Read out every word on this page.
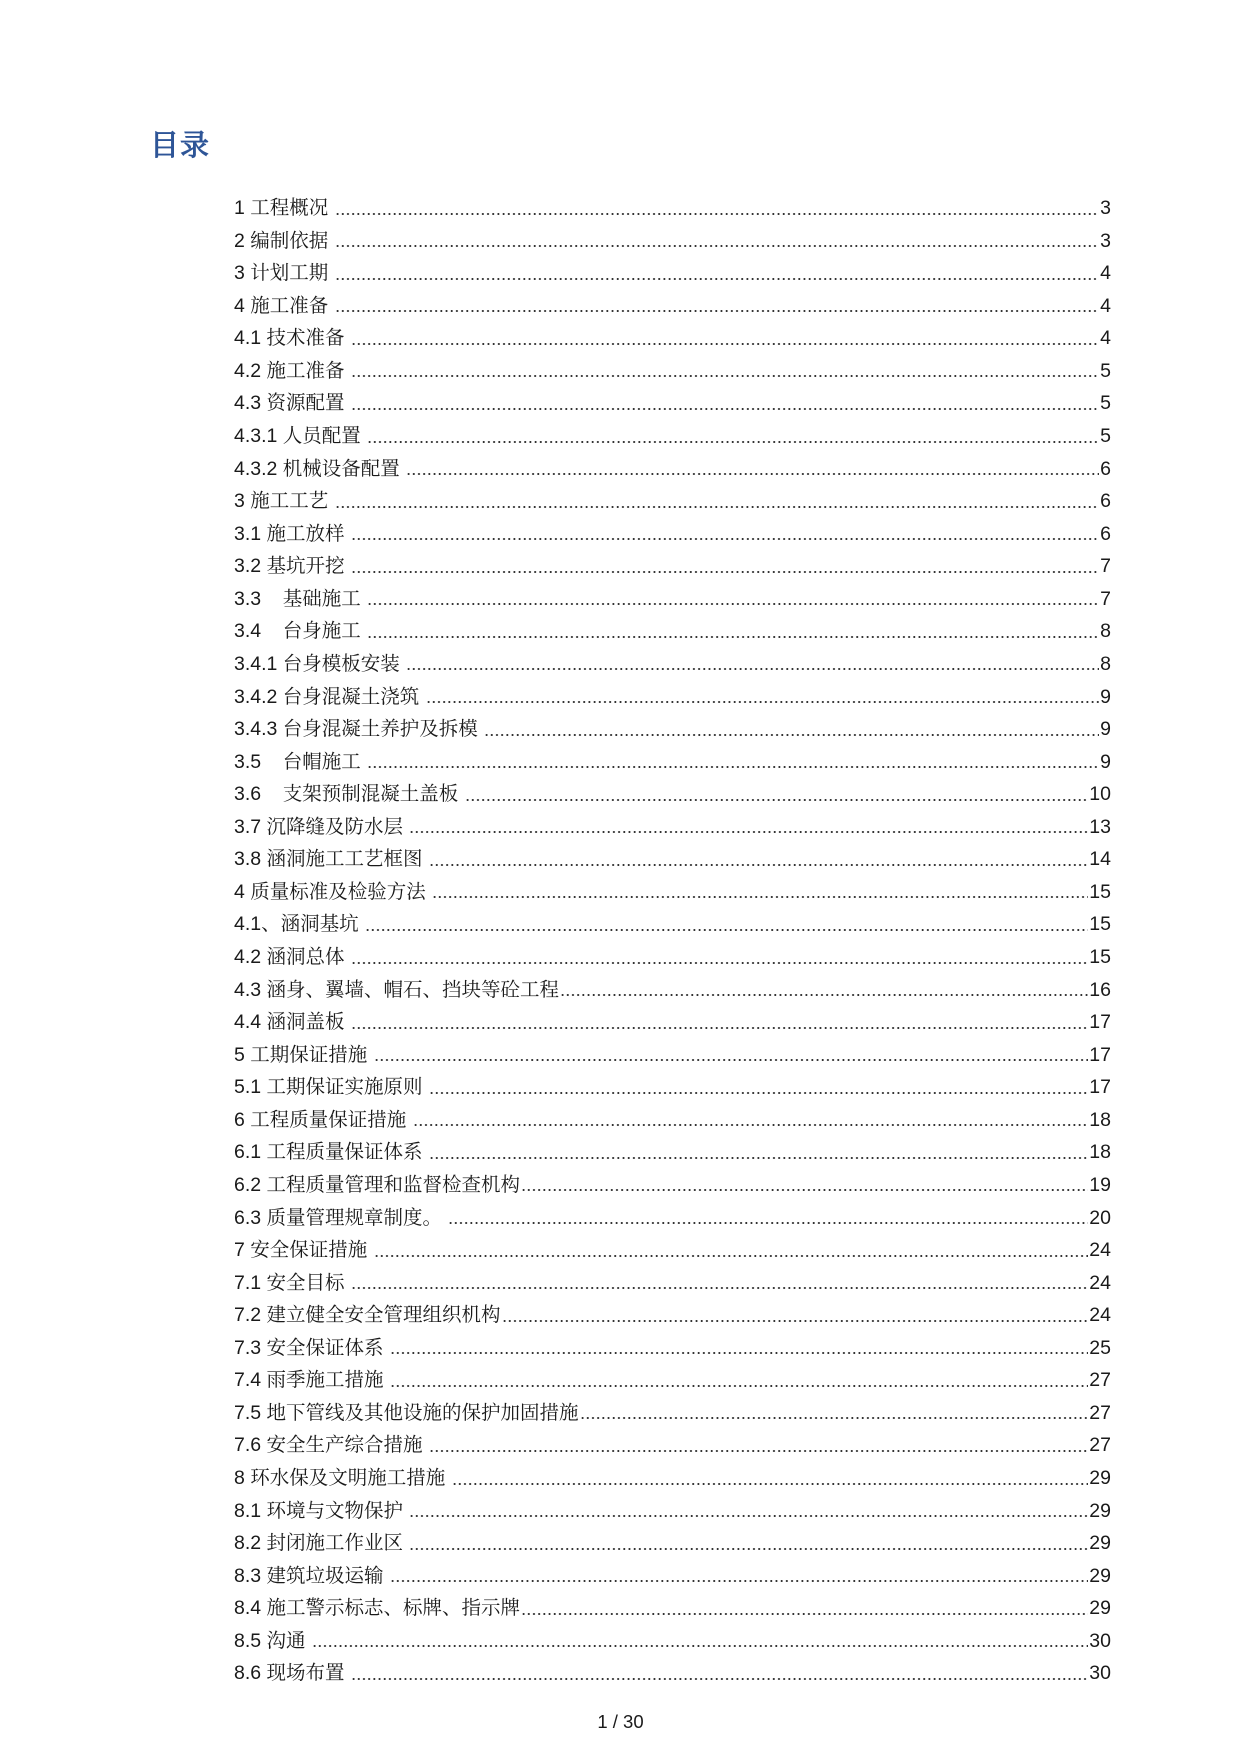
目录
1 工程概况	3
2 编制依据	3
3 计划工期	4
4 施工准备	4
4.1 技术准备	4
4.2 施工准备	5
4.3 资源配置	5
4.3.1 人员配置	5
4.3.2 机械设备配置	6
3 施工工艺	6
3.1 施工放样	6
3.2 基坑开挖	7
3.3    基础施工	7
3.4    台身施工	8
3.4.1 台身模板安装	8
3.4.2 台身混凝土浇筑	9
3.4.3 台身混凝土养护及拆模	9
3.5    台帽施工	9
3.6    支架预制混凝土盖板	10
3.7 沉降缝及防水层	13
3.8 涵洞施工工艺框图	14
4 质量标准及检验方法	15
4.1、涵洞基坑	15
4.2 涵洞总体	15
4.3 涵身、翼墙、帽石、挡块等砼工程	16
4.4 涵洞盖板	17
5 工期保证措施	17
5.1 工期保证实施原则	17
6 工程质量保证措施	18
6.1 工程质量保证体系	18
6.2 工程质量管理和监督检查机构	19
6.3 质量管理规章制度。	20
7 安全保证措施	24
7.1 安全目标	24
7.2 建立健全安全管理组织机构	24
7.3 安全保证体系	25
7.4 雨季施工措施	27
7.5 地下管线及其他设施的保护加固措施	27
7.6 安全生产综合措施	27
8 环水保及文明施工措施	29
8.1 环境与文物保护	29
8.2 封闭施工作业区	29
8.3 建筑垃圾运输	29
8.4 施工警示标志、标牌、指示牌	29
8.5 沟通	30
8.6 现场布置	30

1 / 30
